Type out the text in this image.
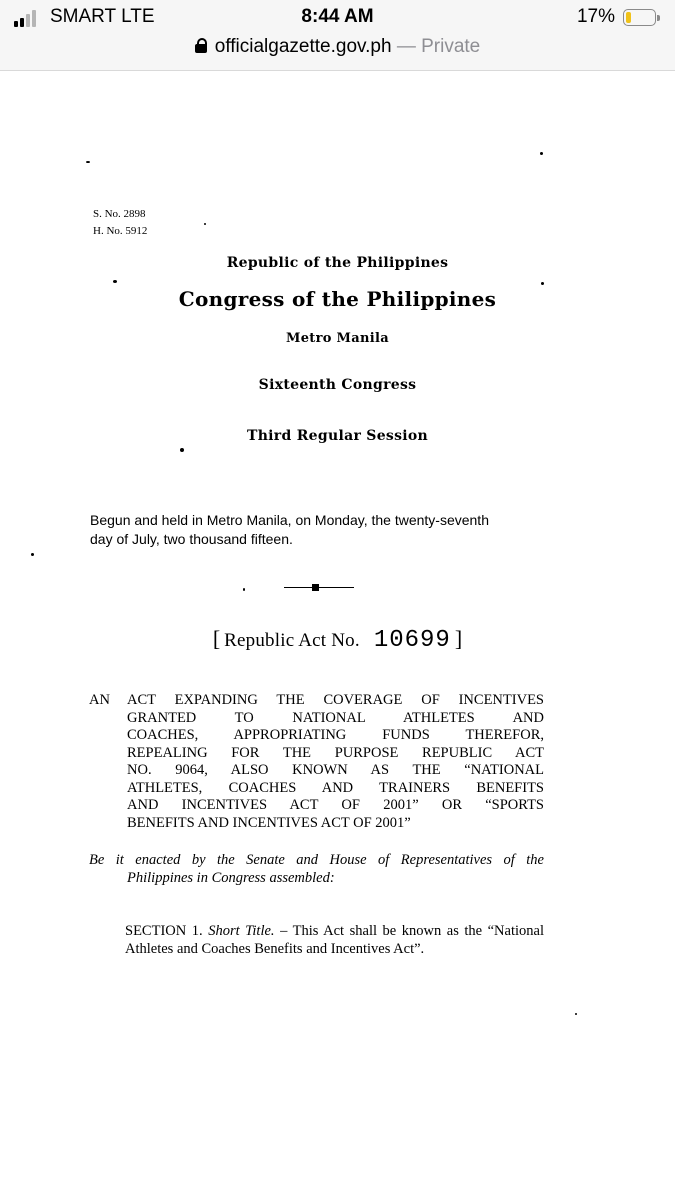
SMART LTE	8:44 AM	17%
officialgazette.gov.ph — Private
S. No. 2898
H. No. 5912
Republic of the Philippines
Congress of the Philippines
Metro Manila
Sixteenth Congress
Third Regular Session
Begun and held in Metro Manila, on Monday, the twenty-seventh
day of July, two thousand fifteen.
[ Republic Act No. 10699 ]
AN ACT EXPANDING THE COVERAGE OF INCENTIVES
GRANTED TO NATIONAL ATHLETES AND
COACHES, APPROPRIATING FUNDS THEREFOR,
REPEALING FOR THE PURPOSE REPUBLIC ACT
NO. 9064, ALSO KNOWN AS THE “NATIONAL
ATHLETES, COACHES AND TRAINERS BENEFITS
AND INCENTIVES ACT OF 2001” OR “SPORTS
BENEFITS AND INCENTIVES ACT OF 2001”
Be it enacted by the Senate and House of Representatives of the
Philippines in Congress assembled:
SECTION 1. Short Title. – This Act shall be known as the “National Athletes and Coaches Benefits and Incentives Act”.
